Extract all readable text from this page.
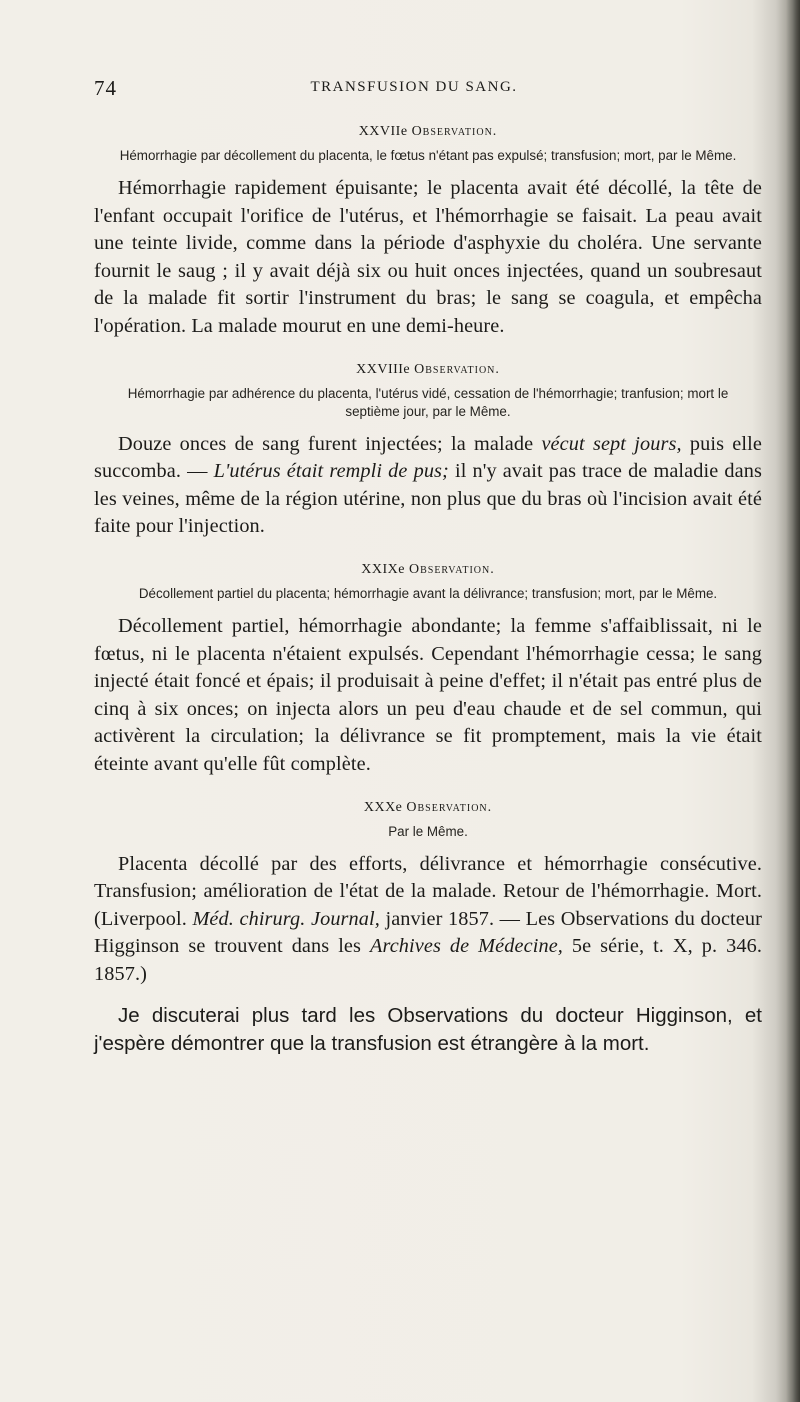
74	TRANSFUSION DU SANG.

XXVIIe Observation.

Hémorrhagie par décollement du placenta, le fœtus n'étant pas expulsé; transfusion; mort, par le Même.

Hémorrhagie rapidement épuisante; le placenta avait été décollé, la tête de l'enfant occupait l'orifice de l'utérus, et l'hémorrhagie se faisait. La peau avait une teinte livide, comme dans la période d'asphyxie du choléra. Une servante fournit le saug ; il y avait déjà six ou huit onces injectées, quand un soubresaut de la malade fit sortir l'instrument du bras; le sang se coagula, et empêcha l'opération. La malade mourut en une demi-heure.

XXVIIIe Observation.

Hémorrhagie par adhérence du placenta, l'utérus vidé, cessation de l'hémorrhagie; tranfusion; mort le septième jour, par le Même.

Douze onces de sang furent injectées; la malade vécut sept jours, puis elle succomba. — L'utérus était rempli de pus; il n'y avait pas trace de maladie dans les veines, même de la région utérine, non plus que du bras où l'incision avait été faite pour l'injection.

XXIXe Observation.

Décollement partiel du placenta; hémorrhagie avant la délivrance; transfusion; mort, par le Même.

Décollement partiel, hémorrhagie abondante; la femme s'affaiblissait, ni le fœtus, ni le placenta n'étaient expulsés. Cependant l'hémorrhagie cessa; le sang injecté était foncé et épais; il produisait à peine d'effet; il n'était pas entré plus de cinq à six onces; on injecta alors un peu d'eau chaude et de sel commun, qui activèrent la circulation; la délivrance se fit promptement, mais la vie était éteinte avant qu'elle fût complète.

XXXe Observation.

Par le Même.

Placenta décollé par des efforts, délivrance et hémorrhagie consécutive. Transfusion; amélioration de l'état de la malade. Retour de l'hémorrhagie. Mort. (Liverpool. Méd. chirurg. Journal, janvier 1857. — Les Observations du docteur Higginson se trouvent dans les Archives de Médecine, 5e série, t. X, p. 346. 1857.)

Je discuterai plus tard les Observations du docteur Higginson, et j'espère démontrer que la transfusion est étrangère à la mort.
